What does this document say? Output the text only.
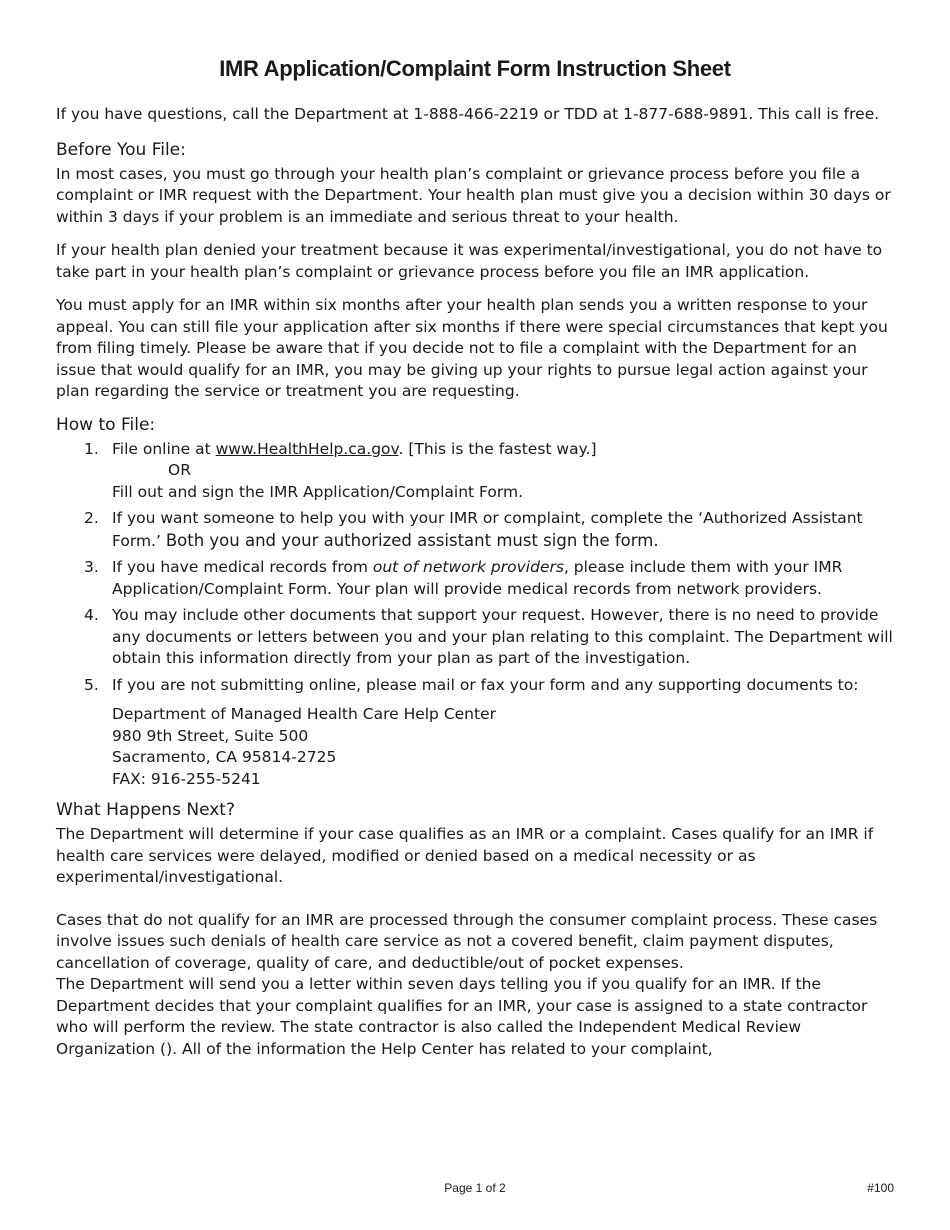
IMR Application/Complaint Form Instruction Sheet

If you have questions, call the Department at 1-888-466-2219 or TDD at 1-877-688-9891. This call is free.

Before You File:

In most cases, you must go through your health plan’s complaint or grievance process before you file a complaint or IMR request with the Department. Your health plan must give you a decision within 30 days or within 3 days if your problem is an immediate and serious threat to your health.

If your health plan denied your treatment because it was experimental/investigational, you do not have to take part in your health plan’s complaint or grievance process before you file an IMR application.

You must apply for an IMR within six months after your health plan sends you a written response to your appeal. You can still file your application after six months if there were special circumstances that kept you from filing timely. Please be aware that if you decide not to file a complaint with the Department for an issue that would qualify for an IMR, you may be giving up your rights to pursue legal action against your plan regarding the service or treatment you are requesting.

How to File:
1. File online at www.HealthHelp.ca.gov. [This is the fastest way.]
OR
Fill out and sign the IMR Application/Complaint Form.
2. If you want someone to help you with your IMR or complaint, complete the ‘Authorized Assistant Form.’ Both you and your authorized assistant must sign the form.
3. If you have medical records from out of network providers, please include them with your IMR Application/Complaint Form. Your plan will provide medical records from network providers.
4. You may include other documents that support your request. However, there is no need to provide any documents or letters between you and your plan relating to this complaint. The Department will obtain this information directly from your plan as part of the investigation.
5. If you are not submitting online, please mail or fax your form and any supporting documents to:
Department of Managed Health Care Help Center
980 9th Street, Suite 500
Sacramento, CA 95814-2725
FAX: 916-255-5241
What Happens Next?

The Department will determine if your case qualifies as an IMR or a complaint. Cases qualify for an IMR if health care services were delayed, modified or denied based on a medical necessity or as experimental/investigational.

Cases that do not qualify for an IMR are processed through the consumer complaint process. These cases involve issues such denials of health care service as not a covered benefit, claim payment disputes, cancellation of coverage, quality of care, and deductible/out of pocket expenses.

The Department will send you a letter within seven days telling you if you qualify for an IMR. If the Department decides that your complaint qualifies for an IMR, your case is assigned to a state contractor who will perform the review. The state contractor is also called the Independent Medical Review Organization (). All of the information the Help Center has related to your complaint,

Page 1 of 2	#100
